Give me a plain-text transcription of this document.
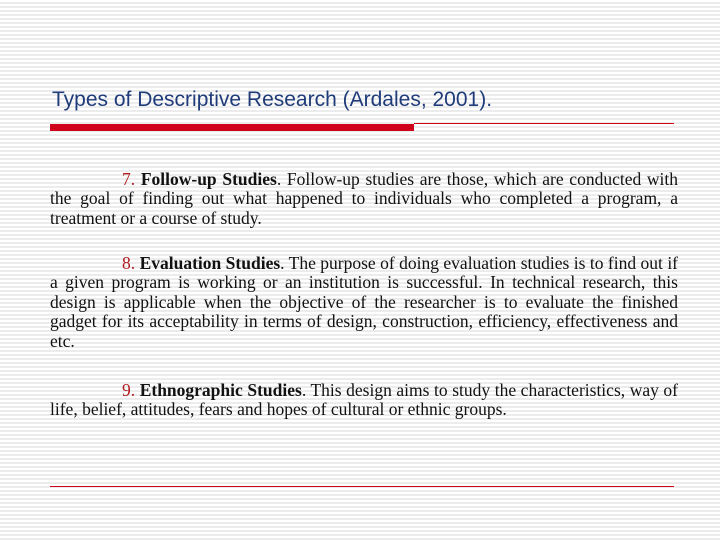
Types of Descriptive Research (Ardales, 2001).

7. Follow-up Studies. Follow-up studies are those, which are conducted with the goal of finding out what happened to individuals who completed a program, a treatment or a course of study.

8. Evaluation Studies. The purpose of doing evaluation studies is to find out if a given program is working or an institution is successful. In technical research, this design is applicable when the objective of the researcher is to evaluate the finished gadget for its acceptability in terms of design, construction, efficiency, effectiveness and etc.

9. Ethnographic Studies. This design aims to study the characteristics, way of life, belief, attitudes, fears and hopes of cultural or ethnic groups.
